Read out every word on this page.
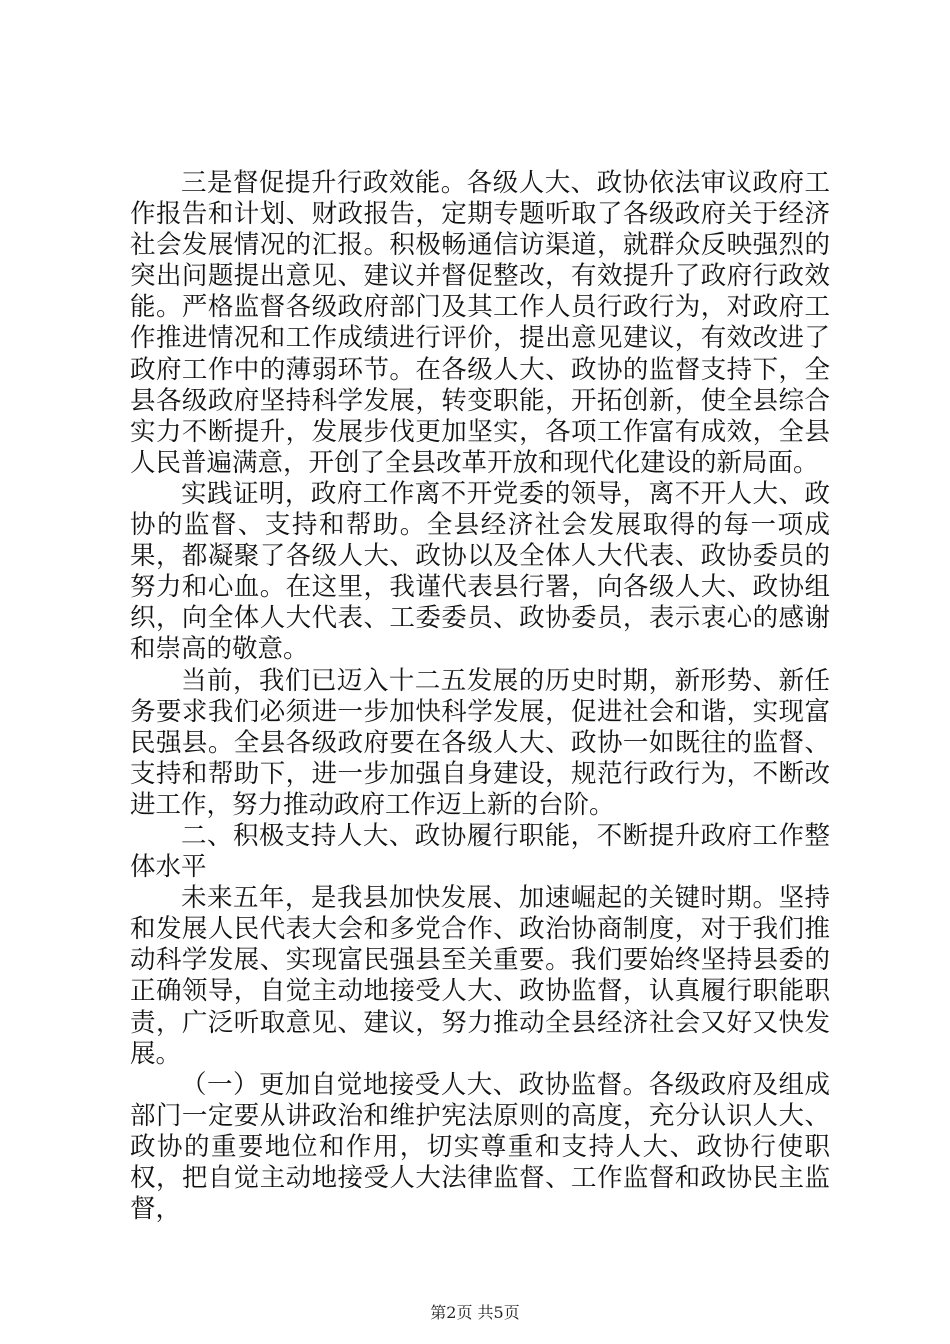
三是督促提升行政效能。各级人大、政协依法审议政府工作报告和计划、财政报告，定期专题听取了各级政府关于经济社会发展情况的汇报。积极畅通信访渠道，就群众反映强烈的突出问题提出意见、建议并督促整改，有效提升了政府行政效能。严格监督各级政府部门及其工作人员行政行为，对政府工作推进情况和工作成绩进行评价，提出意见建议，有效改进了政府工作中的薄弱环节。在各级人大、政协的监督支持下，全县各级政府坚持科学发展，转变职能，开拓创新，使全县综合实力不断提升，发展步伐更加坚实，各项工作富有成效，全县人民普遍满意，开创了全县改革开放和现代化建设的新局面。

实践证明，政府工作离不开党委的领导，离不开人大、政协的监督、支持和帮助。全县经济社会发展取得的每一项成果，都凝聚了各级人大、政协以及全体人大代表、政协委员的努力和心血。在这里，我谨代表县行署，向各级人大、政协组织，向全体人大代表、工委委员、政协委员，表示衷心的感谢和崇高的敬意。

当前，我们已迈入十二五发展的历史时期，新形势、新任务要求我们必须进一步加快科学发展，促进社会和谐，实现富民强县。全县各级政府要在各级人大、政协一如既往的监督、支持和帮助下，进一步加强自身建设，规范行政行为，不断改进工作，努力推动政府工作迈上新的台阶。

二、积极支持人大、政协履行职能，不断提升政府工作整体水平

未来五年，是我县加快发展、加速崛起的关键时期。坚持和发展人民代表大会和多党合作、政治协商制度，对于我们推动科学发展、实现富民强县至关重要。我们要始终坚持县委的正确领导，自觉主动地接受人大、政协监督，认真履行职能职责，广泛听取意见、建议，努力推动全县经济社会又好又快发展。

（一）更加自觉地接受人大、政协监督。各级政府及组成部门一定要从讲政治和维护宪法原则的高度，充分认识人大、政协的重要地位和作用，切实尊重和支持人大、政协行使职权，把自觉主动地接受人大法律监督、工作监督和政协民主监督，

第2页 共5页
